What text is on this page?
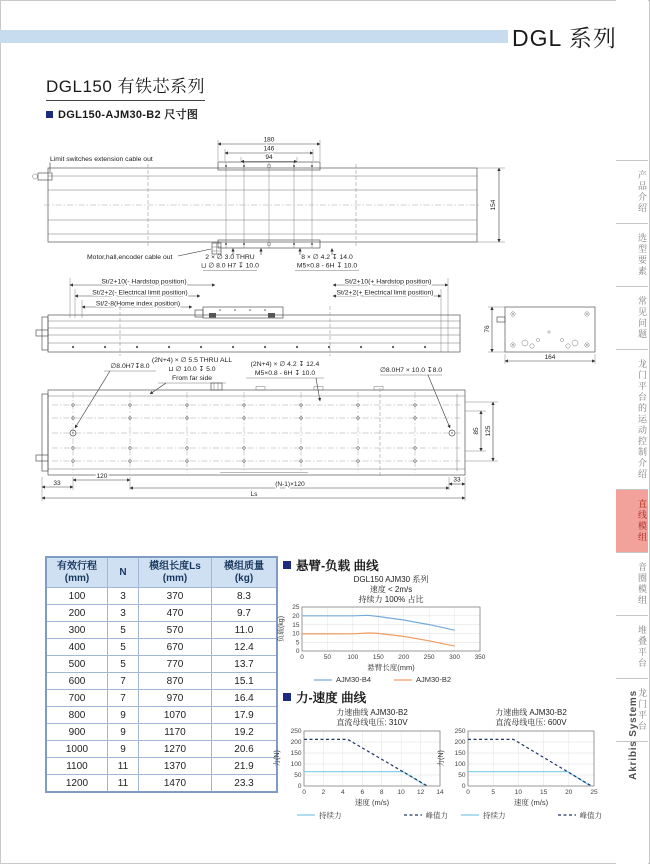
DGL 系列
DGL150 有铁芯系列
DGL150-AJM30-B2 尺寸图
180
146
94
154
Limit switches extension cable out
Motor,hall,encoder cable out	2 × ∅ 3.0 THRU
⊔ ∅ 8.0 H7 ↧ 10.0
8 × ∅ 4.2 ↧ 14.0
M5×0.8 - 6H ↧ 10.0
St/2+10(- Hardstop position)
St/2+2(- Electrical limit position)
St/2-8(Home index position)
St/2+10(+ Hardstop position)
St/2+2(+ Electrical limit position)
76
164
∅8.0H7↧8.0
(2N+4) × ∅ 5.5 THRU ALL
⊔ ∅ 10.0 ↧ 5.0
From far side
(2N+4) × ∅ 4.2 ↧ 12.4
M5×0.8 - 6H ↧ 10.0	∅8.0H7 × 10.0 ↧8.0
120
33	(N-1)×120
33
Ls
85 125
有效行程
(mm)

N

模组长度Ls
(mm)

模组质量
(kg)

100	3	370	8.3
200	3	470	9.7
300	5	570	11.0
400	5	670	12.4
500	5	770	13.7
600	7	870	15.1
700	7	970	16.4
800	9	1070	17.9
900	9	1170	19.2
1000	9	1270	20.6
1100	11	1370	21.9
1200	11	1470	23.3
悬臂-负载 曲线
力-速度 曲线
DGL150 AJM30 系列
速度 < 2m/s
持续力 100% 占比
0	50	100 150 200 250 300 350
0
5
10
15
20
25
负载(kg)
悬臂长度(mm)
AJM30-B4	AJM30-B2
力速曲线 AJM30-B2
直流母线电压: 310V
0 2 4 6 8 10 12 14
0
50
100
150
200
250
力(N)
速度 (m/s)
持续力	峰值力
力速曲线 AJM30-B2
直流母线电压: 600V
0	5	10	15	20	25
0
50
100
150
200
250
力(N)
速度 (m/s)
持续力	峰值力
产品介绍
选型要素
常见问题
龙门平台的运动控制介绍
直线模组
音圈模组
堆叠平台
龙门平台
Akribis Systems
